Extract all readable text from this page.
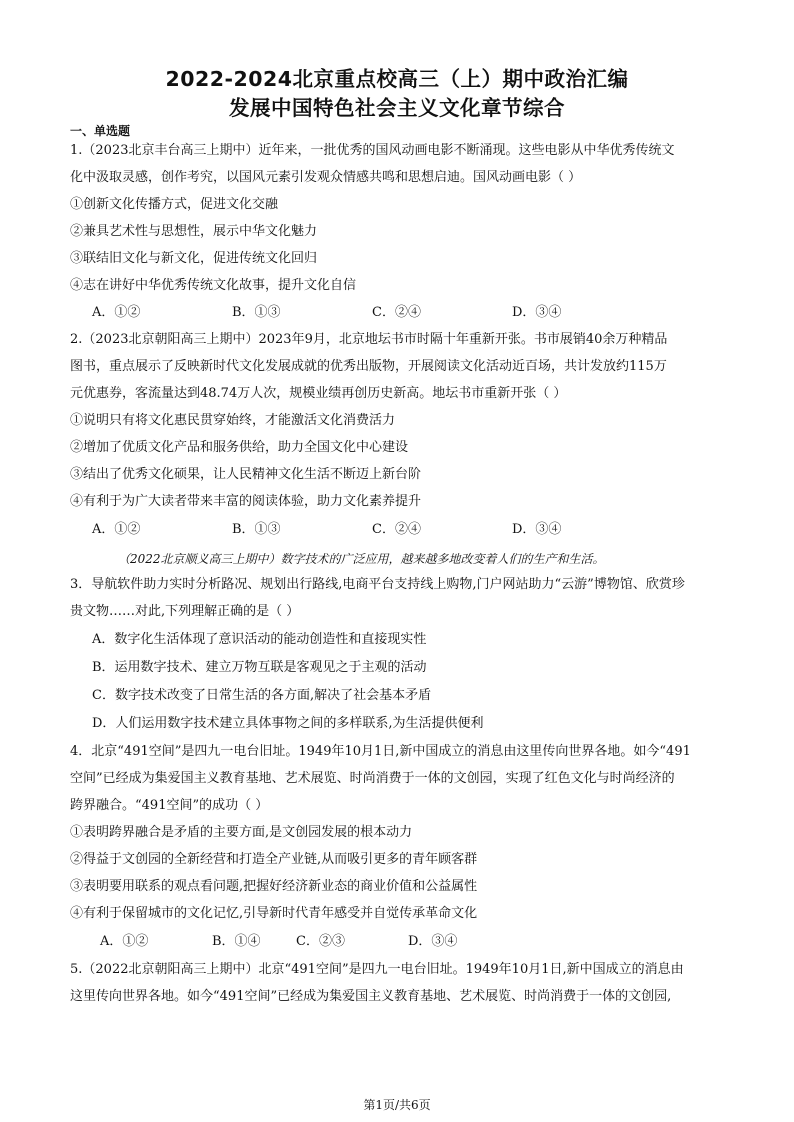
2022-2024北京重点校高三（上）期中政治汇编
发展中国特色社会主义文化章节综合
一、单选题
1.（2023北京丰台高三上期中）近年来，一批优秀的国风动画电影不断涌现。这些电影从中华优秀传统文
化中汲取灵感，创作考究，以国风元素引发观众情感共鸣和思想启迪。国风动画电影（ ）
①创新文化传播方式，促进文化交融
②兼具艺术性与思想性，展示中华文化魅力
③联结旧文化与新文化，促进传统文化回归
④志在讲好中华优秀传统文化故事，提升文化自信
A．①②	B．①③	C．②④	D．③④
2.（2023北京朝阳高三上期中）2023年9月，北京地坛书市时隔十年重新开张。书市展销40余万种精品
图书，重点展示了反映新时代文化发展成就的优秀出版物，开展阅读文化活动近百场，共计发放约115万
元优惠券，客流量达到48.74万人次，规模业绩再创历史新高。地坛书市重新开张（ ）
①说明只有将文化惠民贯穿始终，才能激活文化消费活力
②增加了优质文化产品和服务供给，助力全国文化中心建设
③结出了优秀文化硕果，让人民精神文化生活不断迈上新台阶
④有利于为广大读者带来丰富的阅读体验，助力文化素养提升
A．①②	B．①③	C．②④	D．③④
（2022北京顺义高三上期中）数字技术的广泛应用，越来越多地改变着人们的生产和生活。
3．导航软件助力实时分析路况、规划出行路线,电商平台支持线上购物,门户网站助力“云游”博物馆、欣赏珍
贵文物……对此,下列理解正确的是（ ）
A．数字化生活体现了意识活动的能动创造性和直接现实性
B．运用数字技术、建立万物互联是客观见之于主观的活动
C．数字技术改变了日常生活的各方面,解决了社会基本矛盾
D．人们运用数字技术建立具体事物之间的多样联系,为生活提供便利
4．北京“491空间”是四九一电台旧址。1949年10月1日,新中国成立的消息由这里传向世界各地。如今“491
空间”已经成为集爱国主义教育基地、艺术展览、时尚消费于一体的文创园，实现了红色文化与时尚经济的
跨界融合。“491空间”的成功（ ）
①表明跨界融合是矛盾的主要方面,是文创园发展的根本动力
②得益于文创园的全新经营和打造全产业链,从而吸引更多的青年顾客群
③表明要用联系的观点看问题,把握好经济新业态的商业价值和公益属性
④有利于保留城市的文化记忆,引导新时代青年感受并自觉传承革命文化
A．①②	B．①④	C．②③	D．③④
5.（2022北京朝阳高三上期中）北京“491空间”是四九一电台旧址。1949年10月1日,新中国成立的消息由
这里传向世界各地。如今“491空间”已经成为集爱国主义教育基地、艺术展览、时尚消费于一体的文创园,
第1页/共6页
